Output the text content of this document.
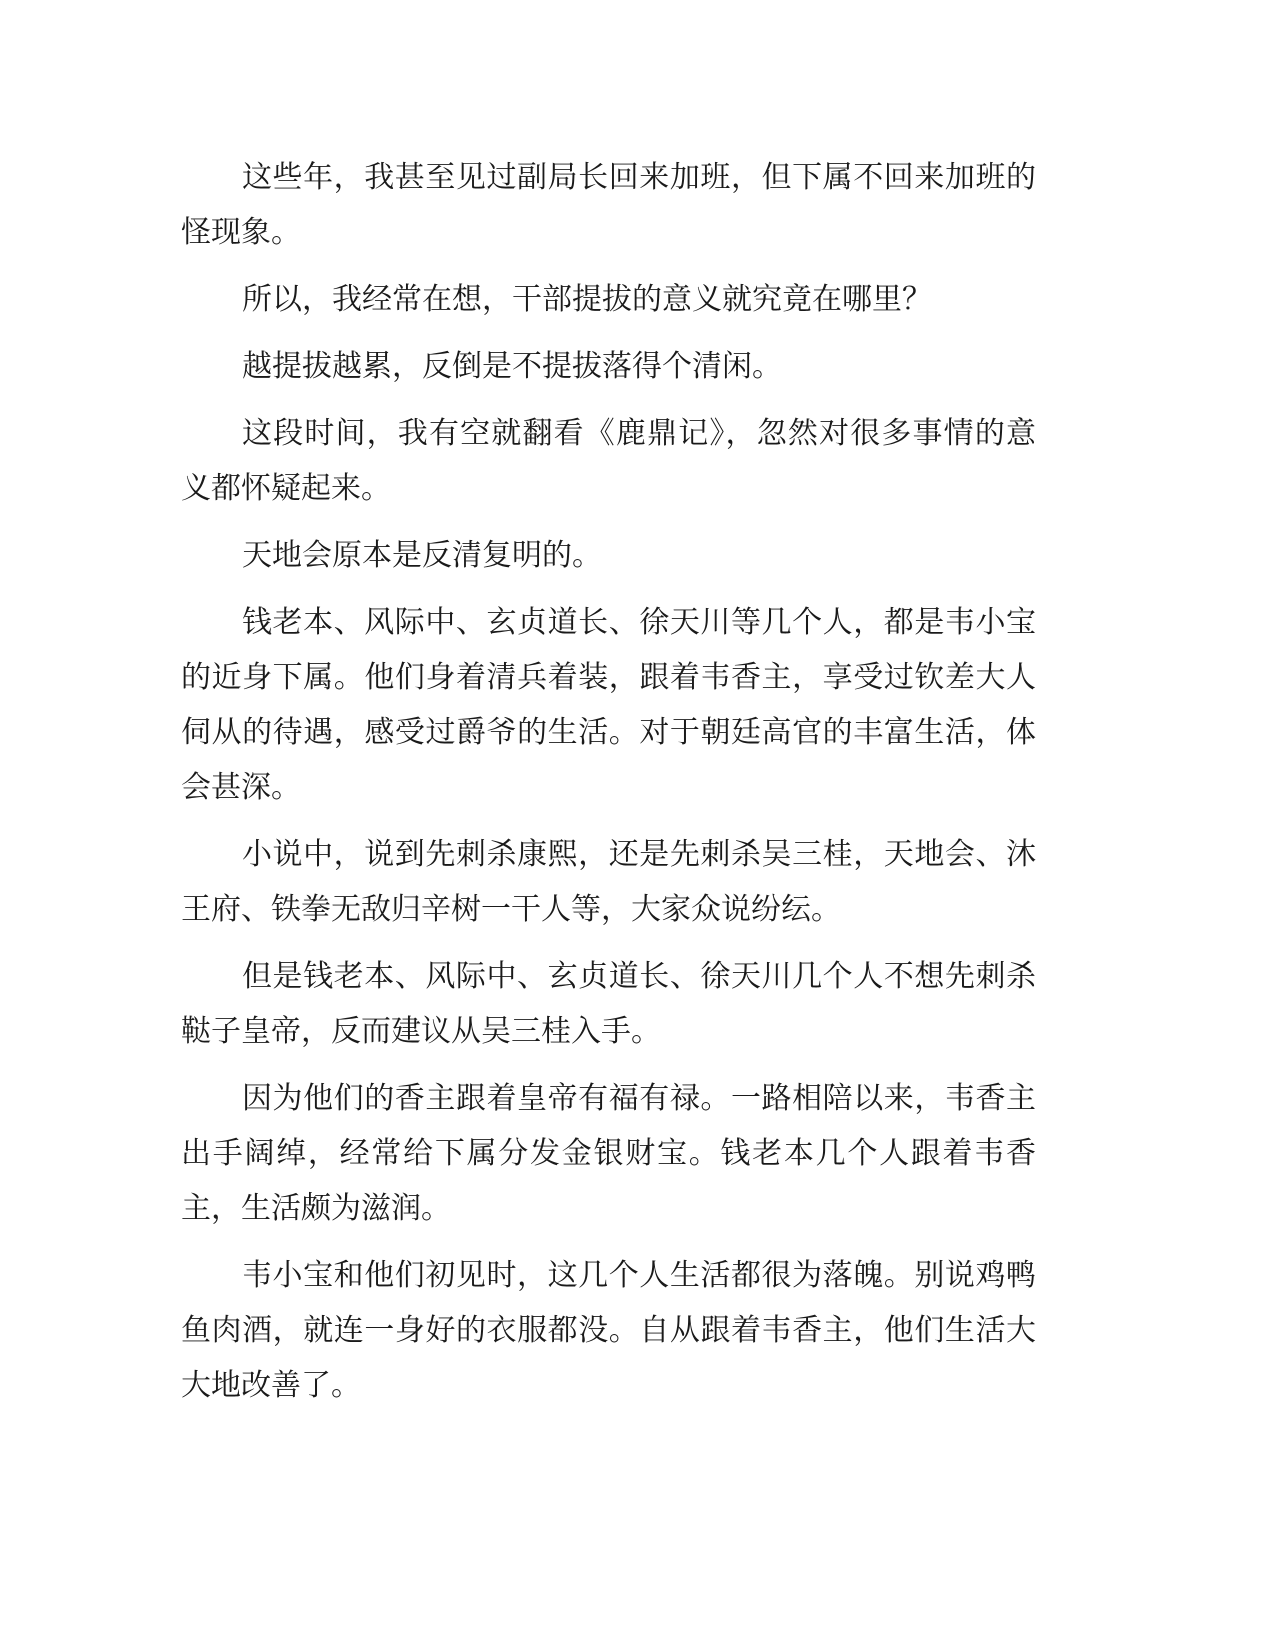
这些年，我甚至见过副局长回来加班，但下属不回来加班的怪现象。

所以，我经常在想，干部提拔的意义就究竟在哪里？

越提拔越累，反倒是不提拔落得个清闲。

这段时间，我有空就翻看《鹿鼎记》，忽然对很多事情的意义都怀疑起来。

天地会原本是反清复明的。

钱老本、风际中、玄贞道长、徐天川等几个人，都是韦小宝的近身下属。他们身着清兵着装，跟着韦香主，享受过钦差大人伺从的待遇，感受过爵爷的生活。对于朝廷高官的丰富生活，体会甚深。

小说中，说到先刺杀康熙，还是先刺杀吴三桂，天地会、沐王府、铁拳无敌归辛树一干人等，大家众说纷纭。

但是钱老本、风际中、玄贞道长、徐天川几个人不想先刺杀鞑子皇帝，反而建议从吴三桂入手。

因为他们的香主跟着皇帝有福有禄。一路相陪以来，韦香主出手阔绰，经常给下属分发金银财宝。钱老本几个人跟着韦香主，生活颇为滋润。

韦小宝和他们初见时，这几个人生活都很为落魄。别说鸡鸭鱼肉酒，就连一身好的衣服都没。自从跟着韦香主，他们生活大大地改善了。
